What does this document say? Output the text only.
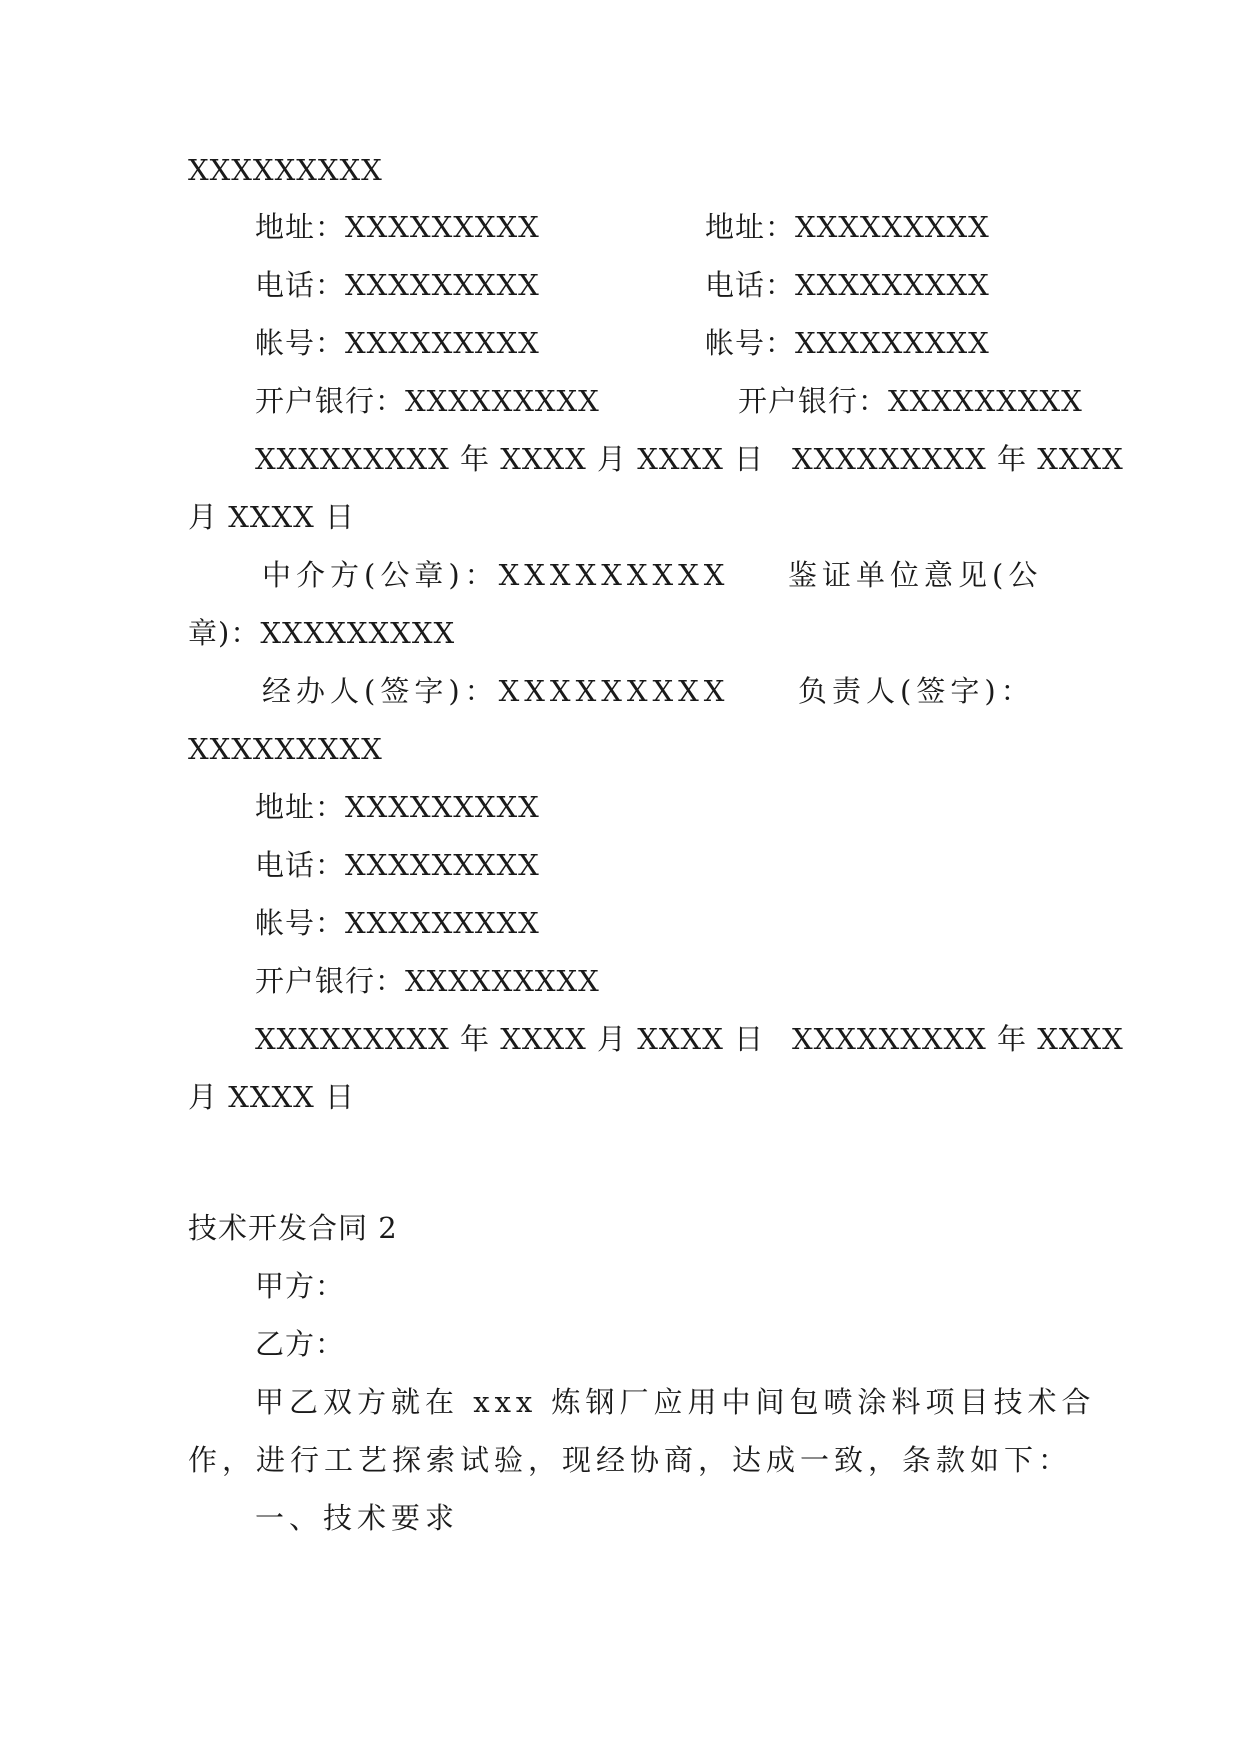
XXXXXXXXX
地址：XXXXXXXXX	地址：XXXXXXXXX
电话：XXXXXXXXX	电话：XXXXXXXXX
帐号：XXXXXXXXX	帐号：XXXXXXXXX
开户银行：XXXXXXXXX	开户银行：XXXXXXXXX
XXXXXXXXX 年 XXXX 月 XXXX 日 XXXXXXXXX 年 XXXX
月 XXXX 日
中介方(公章)：XXXXXXXXX 鉴证单位意见(公
章)：XXXXXXXXX
经办人(签字)：XXXXXXXXX 负责人(签字)：
XXXXXXXXX
地址：XXXXXXXXX
电话：XXXXXXXXX
帐号：XXXXXXXXX
开户银行：XXXXXXXXX
XXXXXXXXX 年 XXXX 月 XXXX 日 XXXXXXXXX 年 XXXX
月 XXXX 日
技术开发合同 2
甲方：
乙方：
甲乙双方就在 xxx 炼钢厂应用中间包喷涂料项目技术合
作，进行工艺探索试验，现经协商，达成一致，条款如下：
一、技术要求
